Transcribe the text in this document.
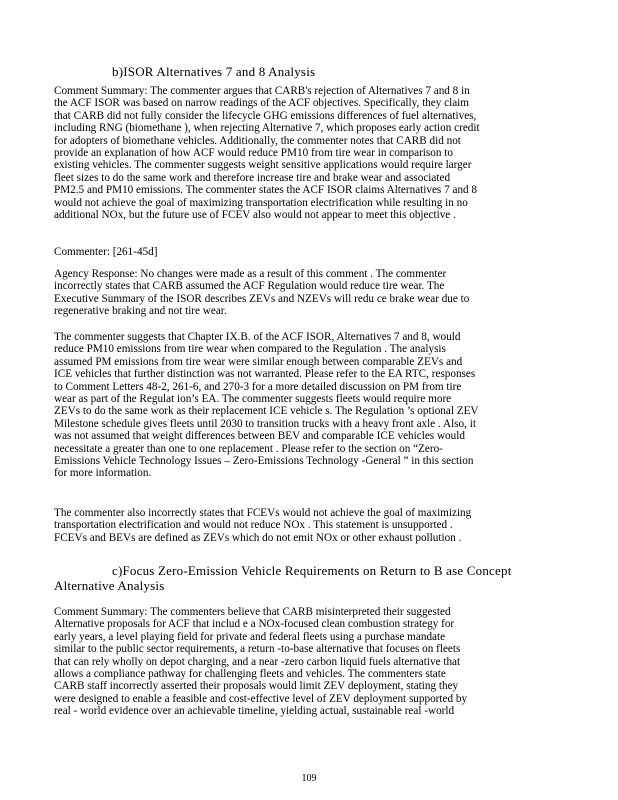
b)ISOR Alternatives 7 and 8 Analysis
Comment Summary: The commenter argues that CARB's rejection of Alternatives 7 and 8 in
the ACF ISOR was based on narrow readings of the ACF objectives. Specifically, they claim
that CARB did not fully consider the lifecycle GHG emissions differences of fuel alternatives,
including RNG (biomethane ), when rejecting Alternative 7, which proposes early action credit
for adopters of biomethane vehicles. Additionally, the commenter notes that CARB did not
provide an explanation of how ACF would reduce PM10 from tire wear in comparison to
existing vehicles. The commenter suggests weight sensitive applications would require larger
fleet sizes to do the same work and therefore increase tire and brake wear and associated
PM2.5 and PM10 emissions. The commenter states the ACF ISOR claims Alternatives 7 and 8
would not achieve the goal of maximizing transportation electrification while resulting in no
additional NOx, but the future use of FCEV also would not appear to meet this objective .
Commenter: [261-45d]
Agency Response: No changes were made as a result of this comment . The commenter
incorrectly states that CARB assumed the ACF Regulation would reduce tire wear. The
Executive Summary of the ISOR describes ZEVs and NZEVs will redu ce brake wear due to
regenerative braking and not tire wear.
The commenter suggests that Chapter IX.B. of the ACF ISOR, Alternatives 7 and 8, would
reduce PM10 emissions from tire wear when compared to the Regulation . The analysis
assumed PM emissions from tire wear were similar enough between comparable ZEVs and
ICE vehicles that further distinction was not warranted. Please refer to the EA RTC, responses
to Comment Letters 48-2, 261-6, and 270-3 for a more detailed discussion on PM from tire
wear as part of the Regulat ion’s EA. The commenter suggests fleets would require more
ZEVs to do the same work as their replacement ICE vehicle s. The Regulation ’s optional ZEV
Milestone schedule gives fleets until 2030 to transition trucks with a heavy front axle . Also, it
was not assumed that weight differences between BEV and comparable ICE vehicles would
necessitate a greater than one to one replacement . Please refer to the section on “Zero-
Emissions Vehicle Technology Issues – Zero-Emissions Technology -General ” in this section
for more information.
The commenter also incorrectly states that FCEVs would not achieve the goal of maximizing
transportation electrification and would not reduce NOx . This statement is unsupported .
FCEVs and BEVs are defined as ZEVs which do not emit NOx or other exhaust pollution .
c)Focus Zero-Emission Vehicle Requirements on Return to B ase Concept
Alternative Analysis
Comment Summary: The commenters believe that CARB misinterpreted their suggested
Alternative proposals for ACF that includ e a NOx-focused clean combustion strategy for
early years, a level playing field for private and federal fleets using a purchase mandate
similar to the public sector requirements, a return -to-base alternative that focuses on fleets
that can rely wholly on depot charging, and a near -zero carbon liquid fuels alternative that
allows a compliance pathway for challenging fleets and vehicles. The commenters state
CARB staff incorrectly asserted their proposals would limit ZEV deployment, stating they
were designed to enable a feasible and cost-effective level of ZEV deployment supported by
real - world evidence over an achievable timeline, yielding actual, sustainable real -world
109
